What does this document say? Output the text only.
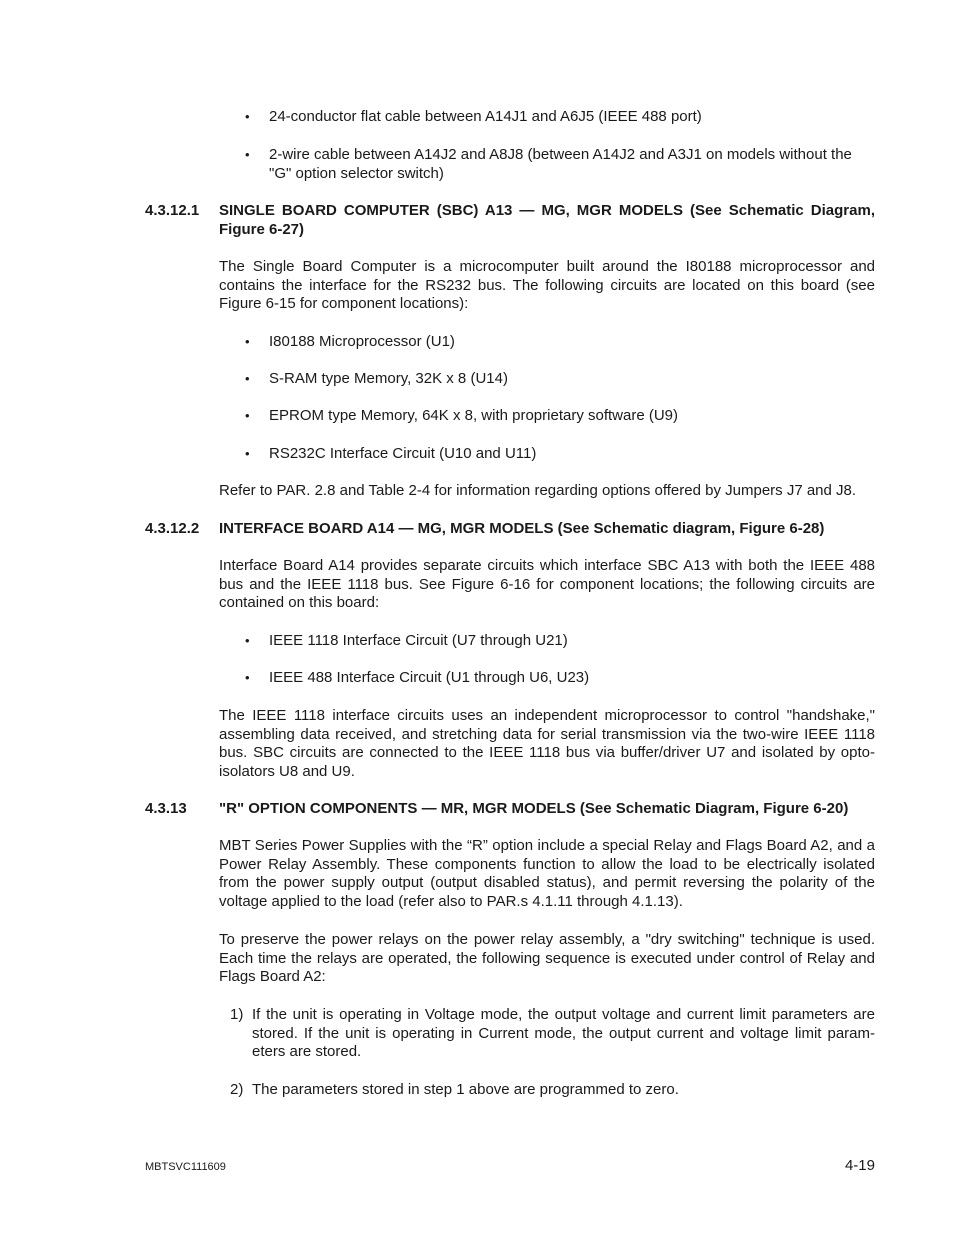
• 24-conductor flat cable between A14J1 and A6J5 (IEEE 488 port)
• 2-wire cable between A14J2 and A8J8 (between A14J2 and A3J1 on models without the "G" option selector switch)
4.3.12.1 SINGLE BOARD COMPUTER (SBC) A13 — MG, MGR MODELS (See Schematic Diagram, Figure 6-27)

The Single Board Computer is a microcomputer built around the I80188 microprocessor and contains the interface for the RS232 bus. The following circuits are located on this board (see Figure 6-15 for component locations):

• I80188 Microprocessor (U1)
• S-RAM type Memory, 32K x 8 (U14)
• EPROM type Memory, 64K x 8, with proprietary software (U9)
• RS232C Interface Circuit (U10 and U11)

Refer to PAR. 2.8 and Table 2-4 for information regarding options offered by Jumpers J7 and J8.

4.3.12.2 INTERFACE BOARD A14 — MG, MGR MODELS (See Schematic diagram, Figure 6-28)

Interface Board A14 provides separate circuits which interface SBC A13 with both the IEEE 488 bus and the IEEE 1118 bus. See Figure 6-16 for component locations; the following circuits are contained on this board:

• IEEE 1118 Interface Circuit (U7 through U21)
• IEEE 488 Interface Circuit (U1 through U6, U23)

The IEEE 1118 interface circuits uses an independent microprocessor to control "handshake," assembling data received, and stretching data for serial transmission via the two-wire IEEE 1118 bus. SBC circuits are connected to the IEEE 1118 bus via buffer/driver U7 and isolated by opto-isolators U8 and U9.

4.3.13 "R" OPTION COMPONENTS — MR, MGR MODELS (See Schematic Diagram, Figure 6-20)

MBT Series Power Supplies with the “R” option include a special Relay and Flags Board A2, and a Power Relay Assembly. These components function to allow the load to be electrically isolated from the power supply output (output disabled status), and permit reversing the polarity of the voltage applied to the load (refer also to PAR.s 4.1.11 through 4.1.13).

To preserve the power relays on the power relay assembly, a "dry switching" technique is used. Each time the relays are operated, the following sequence is executed under control of Relay and Flags Board A2:

1) If the unit is operating in Voltage mode, the output voltage and current limit parameters are stored. If the unit is operating in Current mode, the output current and voltage limit param-eters are stored.
2) The parameters stored in step 1 above are programmed to zero.
MBTSVC111609	4-19
